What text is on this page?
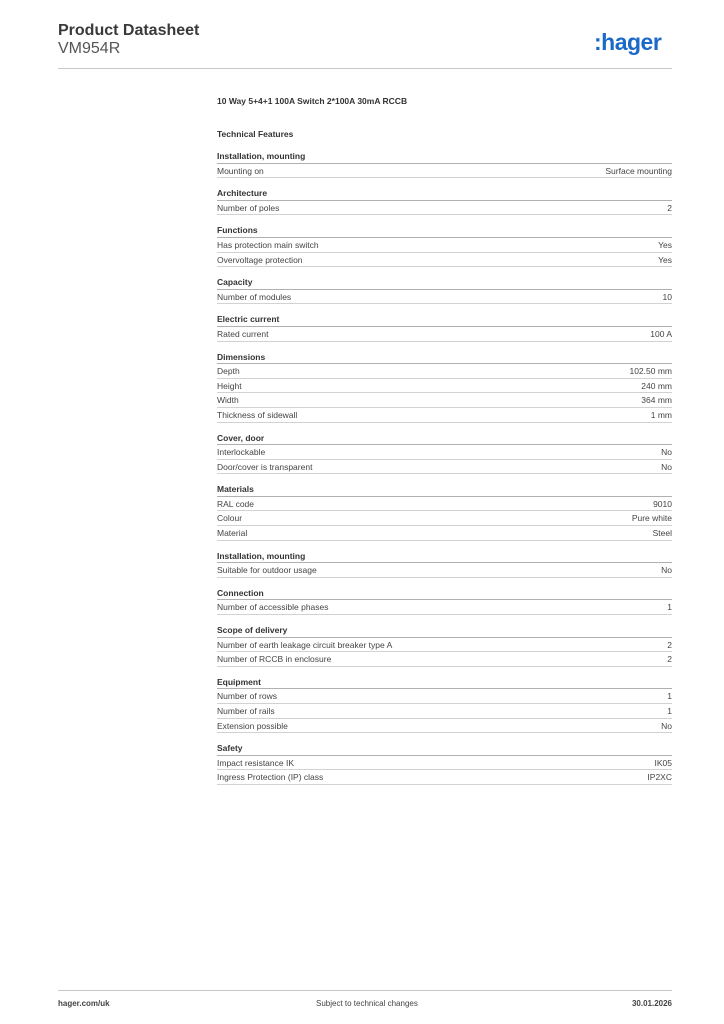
Product Datasheet
VM954R	:hager
10 Way 5+4+1 100A Switch 2*100A 30mA RCCB
Technical Features
Installation, mounting
Mounting on	Surface mounting
Architecture
Number of poles	2
Functions
Has protection main switch	Yes
Overvoltage protection	Yes
Capacity
Number of modules	10
Electric current
Rated current	100 A
Dimensions
Depth	102.50 mm
Height	240 mm
Width	364 mm
Thickness of sidewall	1 mm
Cover, door
Interlockable	No
Door/cover is transparent	No
Materials
RAL code	9010
Colour	Pure white
Material	Steel
Installation, mounting
Suitable for outdoor usage	No
Connection
Number of accessible phases	1
Scope of delivery
Number of earth leakage circuit breaker type A	2
Number of RCCB in enclosure	2
Equipment
Number of rows	1
Number of rails	1
Extension possible	No
Safety
Impact resistance IK	IK05
Ingress Protection (IP) class	IP2XC
hager.com/uk	Subject to technical changes	30.01.2026
